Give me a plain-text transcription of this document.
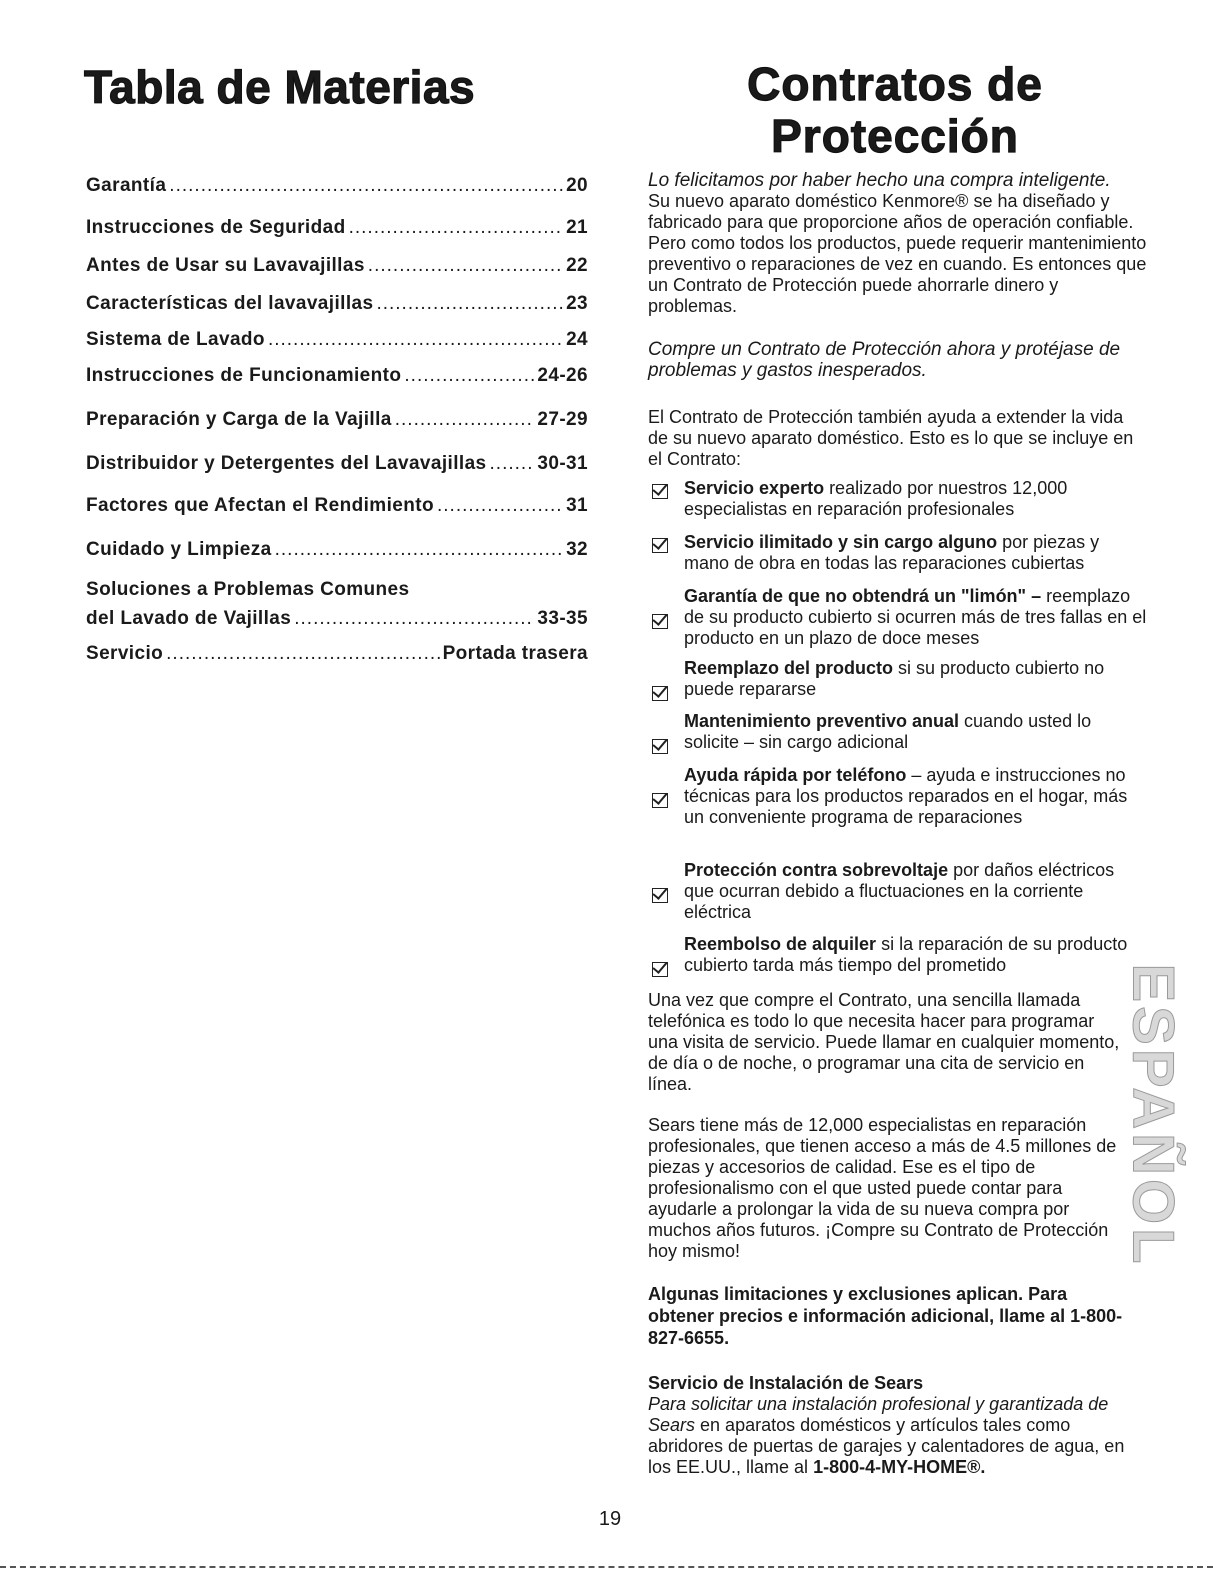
Tabla de Materias
Garantía .....	20
Instrucciones de Seguridad .....	21
Antes de Usar su Lavavajillas .....	22
Características del lavavajillas .....	23
Sistema de Lavado .....	24
Instrucciones de Funcionamiento .....	24-26
Preparación y Carga de la Vajilla .....	27-29
Distribuidor y Detergentes del Lavavajillas .....	30-31
Factores que Afectan el Rendimiento .....	31
Cuidado y Limpieza .....	32
Soluciones a Problemas Comunes
del Lavado de Vajillas .....	33-35
Servicio .....	Portada trasera
Contratos de
Protección

Lo felicitamos por haber hecho una compra inteligente.

Su nuevo aparato doméstico Kenmore® se ha diseñado y fabricado para que proporcione años de operación confiable. Pero como todos los productos, puede requerir mantenimiento preventivo o reparaciones de vez en cuando. Es entonces que un Contrato de Protección puede ahorrarle dinero y problemas.

Compre un Contrato de Protección ahora y protéjase de problemas y gastos inesperados.

El Contrato de Protección también ayuda a extender la vida de su nuevo aparato doméstico. Esto es lo que se incluye en el Contrato:

Servicio experto realizado por nuestros 12,000 especialistas en reparación profesionales
Servicio ilimitado y sin cargo alguno por piezas y mano de obra en todas las reparaciones cubiertas
Garantía de que no obtendrá un "limón" – reemplazo de su producto cubierto si ocurren más de tres fallas en el producto en un plazo de doce meses
Reemplazo del producto si su producto cubierto no puede repararse
Mantenimiento preventivo anual cuando usted lo solicite – sin cargo adicional
Ayuda rápida por teléfono – ayuda e instrucciones no técnicas para los productos reparados en el hogar, más un conveniente programa de reparaciones
Protección contra sobrevoltaje por daños eléctricos que ocurran debido a fluctuaciones en la corriente eléctrica
Reembolso de alquiler si la reparación de su producto cubierto tarda más tiempo del prometido

Una vez que compre el Contrato, una sencilla llamada telefónica es todo lo que necesita hacer para programar una visita de servicio. Puede llamar en cualquier momento, de día o de noche, o programar una cita de servicio en línea.

Sears tiene más de 12,000 especialistas en reparación profesionales, que tienen acceso a más de 4.5 millones de piezas y accesorios de calidad. Ese es el tipo de profesionalismo con el que usted puede contar para ayudarle a prolongar la vida de su nueva compra por muchos años futuros. ¡Compre su Contrato de Protección hoy mismo!

Algunas limitaciones y exclusiones aplican. Para obtener precios e información adicional, llame al 1-800-827-6655.

Servicio de Instalación de Sears

Para solicitar una instalación profesional y garantizada de Sears en aparatos domésticos y artículos tales como abridores de puertas de garajes y calentadores de agua, en los EE.UU., llame al 1-800-4-MY-HOME®.

ESPAÑOL
19
